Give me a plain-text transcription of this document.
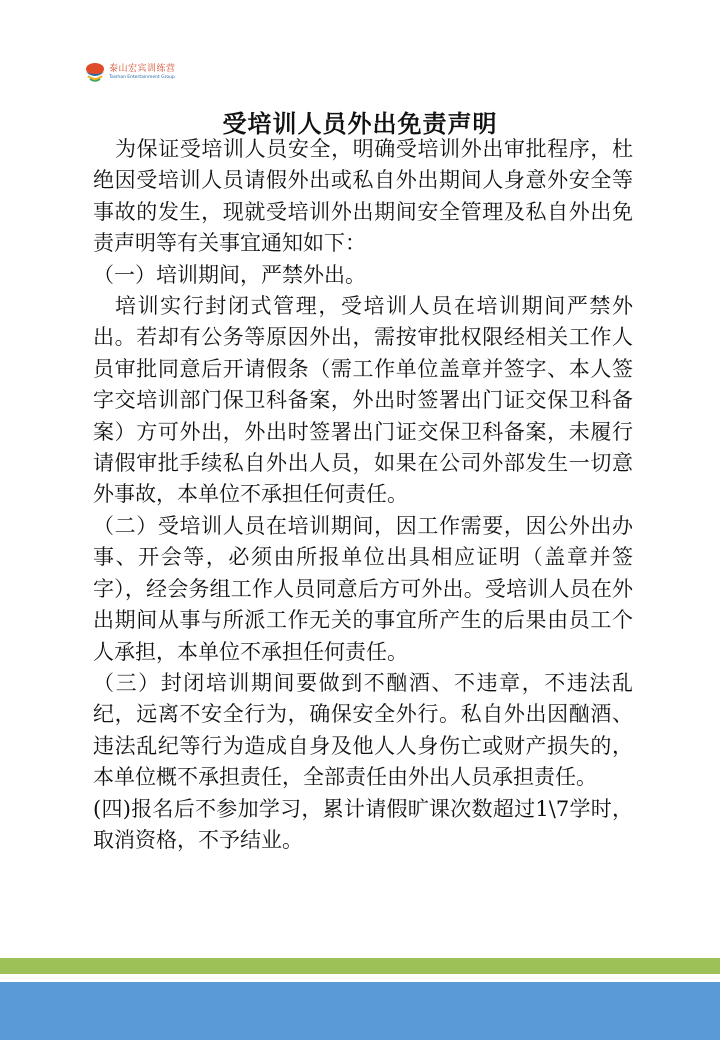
泰山宏宾训练营
Taishan Entertainment Group
受培训人员外出免责声明

为保证受培训人员安全，明确受培训外出审批程序，杜绝因受培训人员请假外出或私自外出期间人身意外安全等事故的发生，现就受培训外出期间安全管理及私自外出免责声明等有关事宜通知如下：

（一）培训期间，严禁外出。

培训实行封闭式管理，受培训人员在培训期间严禁外出。若却有公务等原因外出，需按审批权限经相关工作人员审批同意后开请假条（需工作单位盖章并签字、本人签字交培训部门保卫科备案，外出时签署出门证交保卫科备案）方可外出，外出时签署出门证交保卫科备案，未履行请假审批手续私自外出人员，如果在公司外部发生一切意外事故，本单位不承担任何责任。

（二）受培训人员在培训期间，因工作需要，因公外出办事、开会等，必须由所报单位出具相应证明（盖章并签字），经会务组工作人员同意后方可外出。受培训人员在外出期间从事与所派工作无关的事宜所产生的后果由员工个人承担，本单位不承担任何责任。

（三）封闭培训期间要做到不酗酒、不违章，不违法乱纪，远离不安全行为，确保安全外行。私自外出因酗酒、违法乱纪等行为造成自身及他人人身伤亡或财产损失的，本单位概不承担责任，全部责任由外出人员承担责任。

(四)报名后不参加学习，累计请假旷课次数超过1\7学时，取消资格，不予结业。
